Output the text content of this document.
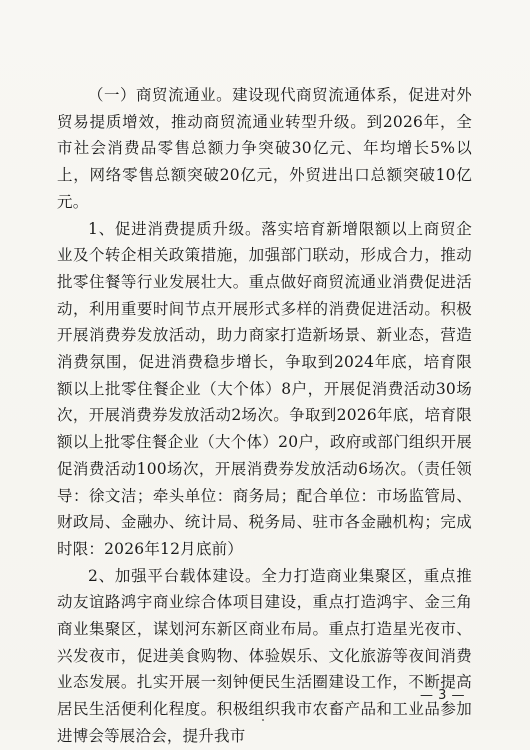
（一）商贸流通业。建设现代商贸流通体系，促进对外贸易提质增效，推动商贸流通业转型升级。到2026年，全市社会消费品零售总额力争突破30亿元、年均增长5%以上，网络零售总额突破20亿元，外贸进出口总额突破10亿元。

1、促进消费提质升级。落实培育新增限额以上商贸企业及个转企相关政策措施，加强部门联动，形成合力，推动批零住餐等行业发展壮大。重点做好商贸流通业消费促进活动，利用重要时间节点开展形式多样的消费促进活动。积极开展消费券发放活动，助力商家打造新场景、新业态，营造消费氛围，促进消费稳步增长，争取到2024年底，培育限额以上批零住餐企业（大个体）8户，开展促消费活动30场次，开展消费券发放活动2场次。争取到2026年底，培育限额以上批零住餐企业（大个体）20户，政府或部门组织开展促消费活动100场次，开展消费券发放活动6场次。（责任领导：徐文洁；牵头单位：商务局；配合单位：市场监管局、财政局、金融办、统计局、税务局、驻市各金融机构；完成时限：2026年12月底前）

2、加强平台载体建设。全力打造商业集聚区，重点推动友谊路鸿宇商业综合体项目建设，重点打造鸿宇、金三角商业集聚区，谋划河东新区商业布局。重点打造星光夜市、兴发夜市，促进美食购物、体验娱乐、文化旅游等夜间消费业态发展。扎实开展一刻钟便民生活圈建设工作，不断提高居民生活便利化程度。积极组织我市农畜产品和工业品参加进博会等展洽会，提升我市

— 3 —
